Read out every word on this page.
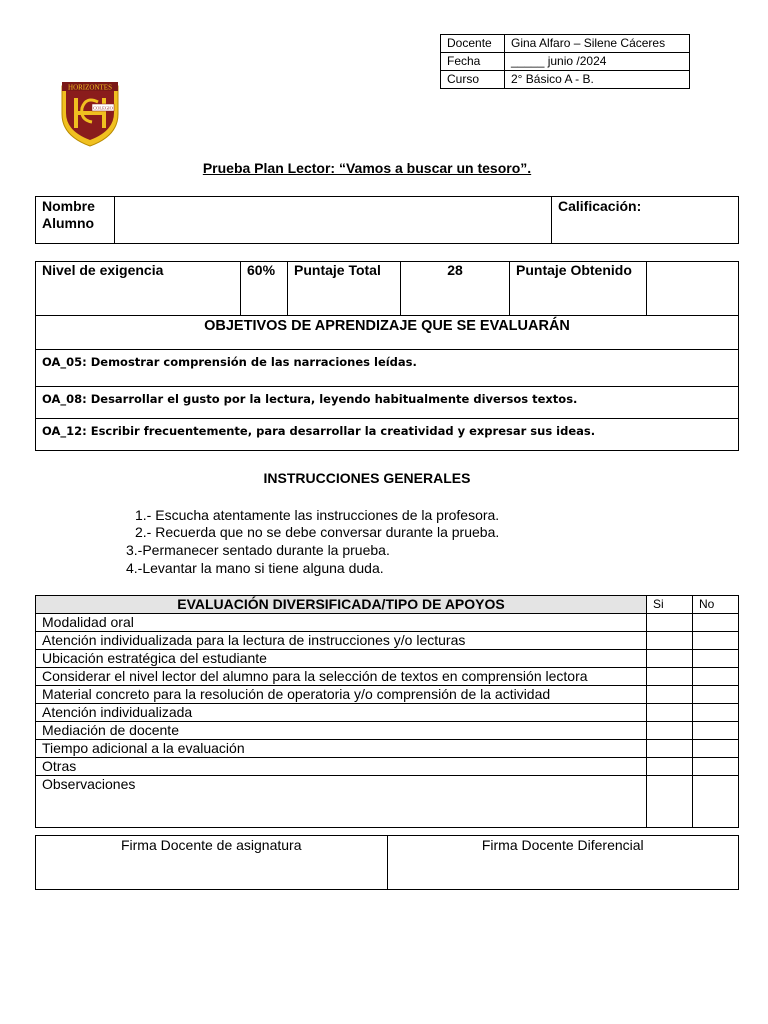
Docente	Gina Alfaro – Silene Cáceres
Fecha	_____ junio /2024
Curso	2° Básico A - B.
HORIZONTES
COLEGIO
Prueba Plan Lector: “Vamos a buscar un tesoro”.
Nombre Alumno		Calificación:
Nivel de exigencia	60%	Puntaje Total	28	Puntaje Obtenido	
OBJETIVOS DE APRENDIZAJE QUE SE EVALUARÁN
OA_05: Demostrar comprensión de las narraciones leídas.
OA_08: Desarrollar el gusto por la lectura, leyendo habitualmente diversos textos.
OA_12: Escribir frecuentemente, para desarrollar la creatividad y expresar sus ideas.
INSTRUCCIONES GENERALES
1.- Escucha atentamente las instrucciones de la profesora.
2.- Recuerda que no se debe conversar durante la prueba.
3.-Permanecer sentado durante la prueba.
4.-Levantar la mano si tiene alguna duda.
EVALUACIÓN DIVERSIFICADA/TIPO DE APOYOS	Si	No
Modalidad oral		
Atención individualizada para la lectura de instrucciones y/o lecturas		
Ubicación estratégica del estudiante		
Considerar el nivel lector del alumno para la selección de textos en comprensión lectora		
Material concreto para la resolución de operatoria y/o comprensión de la actividad		
Atención individualizada		
Mediación de docente		
Tiempo adicional a la evaluación		
Otras		
Observaciones		
Firma Docente de asignatura	Firma Docente Diferencial
